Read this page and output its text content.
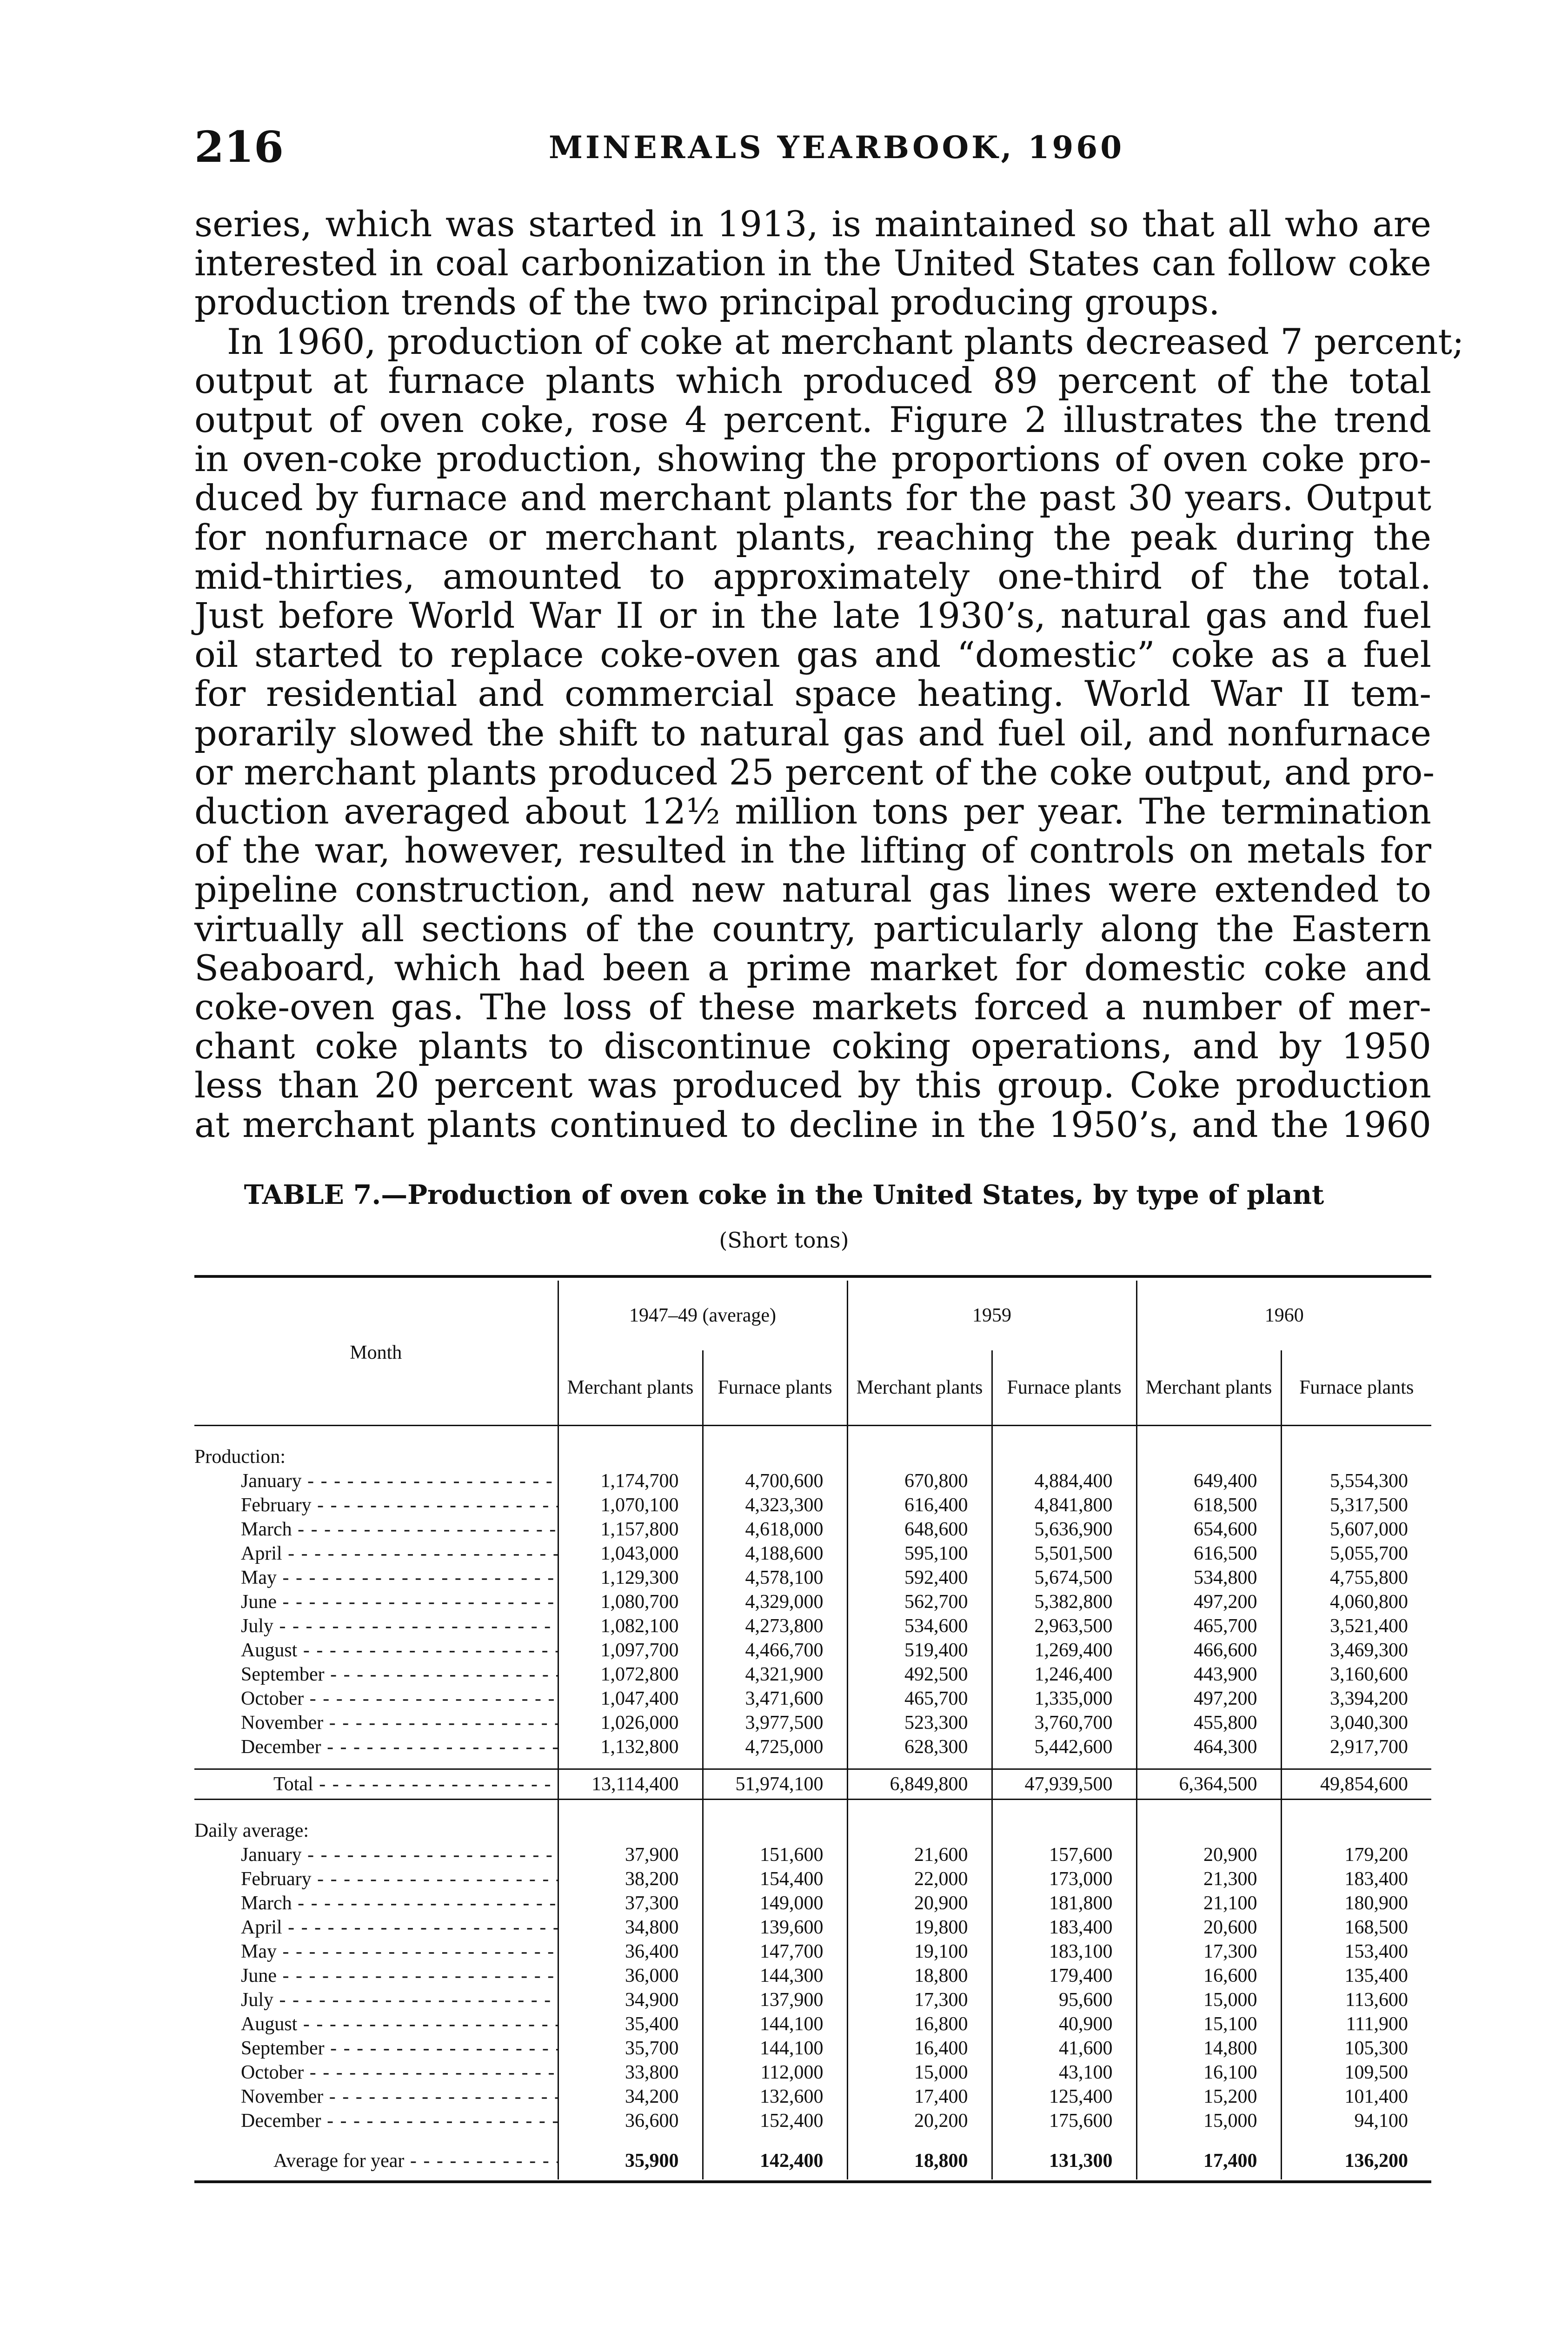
216	MINERALS YEARBOOK, 1960
series, which was started in 1913, is maintained so that all who are
interested in coal carbonization in the United States can follow coke
production trends of the two principal producing groups.
In 1960, production of coke at merchant plants decreased 7 percent;
output at furnace plants which produced 89 percent of the total
output of oven coke, rose 4 percent. Figure 2 illustrates the trend
in oven-coke production, showing the proportions of oven coke pro-
duced by furnace and merchant plants for the past 30 years. Output
for nonfurnace or merchant plants, reaching the peak during the
mid-thirties, amounted to approximately one-third of the total.
Just before World War II or in the late 1930’s, natural gas and fuel
oil started to replace coke-oven gas and “domestic” coke as a fuel
for residential and commercial space heating. World War II tem-
porarily slowed the shift to natural gas and fuel oil, and nonfurnace
or merchant plants produced 25 percent of the coke output, and pro-
duction averaged about 12½ million tons per year. The termination
of the war, however, resulted in the lifting of controls on metals for
pipeline construction, and new natural gas lines were extended to
virtually all sections of the country, particularly along the Eastern
Seaboard, which had been a prime market for domestic coke and
coke-oven gas. The loss of these markets forced a number of mer-
chant coke plants to discontinue coking operations, and by 1950
less than 20 percent was produced by this group. Coke production
at merchant plants continued to decline in the 1950’s, and the 1960
TABLE 7.—Production of oven coke in the United States, by type of plant
(Short tons)
Month	1947–49 (average)		1959		1960	
	Merchant plants	Furnace plants	Merchant plants	Furnace plants	Merchant plants	Furnace plants

Production:						
January - - -	1,174,700	4,700,600	670,800	4,884,400	649,400	5,554,300
February - - -	1,070,100	4,323,300	616,400	4,841,800	618,500	5,317,500
March - - -	1,157,800	4,618,000	648,600	5,636,900	654,600	5,607,000
April - - -	1,043,000	4,188,600	595,100	5,501,500	616,500	5,055,700
May - - -	1,129,300	4,578,100	592,400	5,674,500	534,800	4,755,800
June - - -	1,080,700	4,329,000	562,700	5,382,800	497,200	4,060,800
July - - -	1,082,100	4,273,800	534,600	2,963,500	465,700	3,521,400
August - - -	1,097,700	4,466,700	519,400	1,269,400	466,600	3,469,300
September - - -	1,072,800	4,321,900	492,500	1,246,400	443,900	3,160,600
October - - -	1,047,400	3,471,600	465,700	1,335,000	497,200	3,394,200
November - - -	1,026,000	3,977,500	523,300	3,760,700	455,800	3,040,300
December - - -	1,132,800	4,725,000	628,300	5,442,600	464,300	2,917,700

Total - - -	13,114,400	51,974,100	6,849,800	47,939,500	6,364,500	49,854,600

Daily average:						
January - - -	37,900	151,600	21,600	157,600	20,900	179,200
February - - -	38,200	154,400	22,000	173,000	21,300	183,400
March - - -	37,300	149,000	20,900	181,800	21,100	180,900
April - - -	34,800	139,600	19,800	183,400	20,600	168,500
May - - -	36,400	147,700	19,100	183,100	17,300	153,400
June - - -	36,000	144,300	18,800	179,400	16,600	135,400
July - - -	34,900	137,900	17,300	95,600	15,000	113,600
August - - -	35,400	144,100	16,800	40,900	15,100	111,900
September - - -	35,700	144,100	16,400	41,600	14,800	105,300
October - - -	33,800	112,000	15,000	43,100	16,100	109,500
November - - -	34,200	132,600	17,400	125,400	15,200	101,400
December - - -	36,600	152,400	20,200	175,600	15,000	94,100

Average for year - - -	35,900	142,400	18,800	131,300	17,400	136,200
